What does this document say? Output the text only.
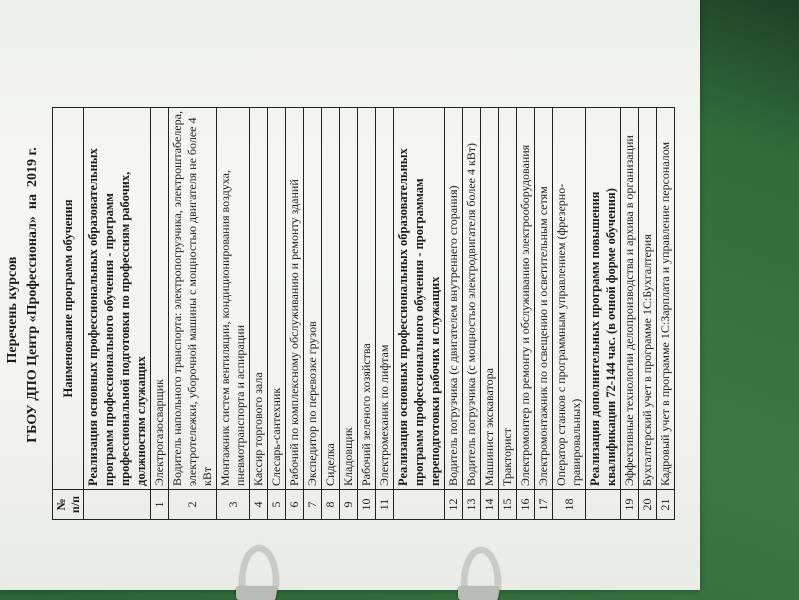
Перечень курсов ГБОУ ДПО Центр «Профессионал»  на  2019 г.
№
п/п	Наименование программ обучения
	Реализация основных профессиональных образовательных программ профессионального обучения - программ профессиональной подготовки по профессиям рабочих, должностям служащих
1	Электрогазосварщик
2	Водитель напольного транспорта: электропогрузчика, электроштабелера, электротележки, уборочной машины с мощностью двигателя не более 4 кВт
3	Монтажник систем вентиляции, кондиционирования воздуха, пневмотранспорта и аспирации
4	Кассир торгового зала
5	Слесарь-сантехник
6	Рабочий по комплексному обслуживанию и ремонту зданий
7	Экспедитор по перевозке грузов
8	Сиделка
9	Кладовщик
10	Рабочий зеленого хозяйства
11	Электромеханик по лифтам
	Реализация основных профессиональных образовательных программ профессионального обучения - программам переподготовки рабочих и служащих
12	Водитель погрузчика (с двигателем внутреннего сгорания)
13	Водитель погрузчика (с мощностью электродвигателя более 4 кВт)
14	Машинист экскаватора
15	Тракторист
16	Электромонтер по ремонту и обслуживанию электрооборудования
17	Электромонтажник по освещению и осветительным сетям
18	Оператор станков с программным управлением (фрезерно-гравировальных)
	Реализация дополнительных программ повышения квалификации 72-144 час. (в очной форме обучения)
19	Эффективные технологии делопроизводства и архива в организации
20	Бухгалтерский учет в программе 1С:Бухгалтерия
21	Кадровый учет в программе 1С:Зарплата и управление персоналом
